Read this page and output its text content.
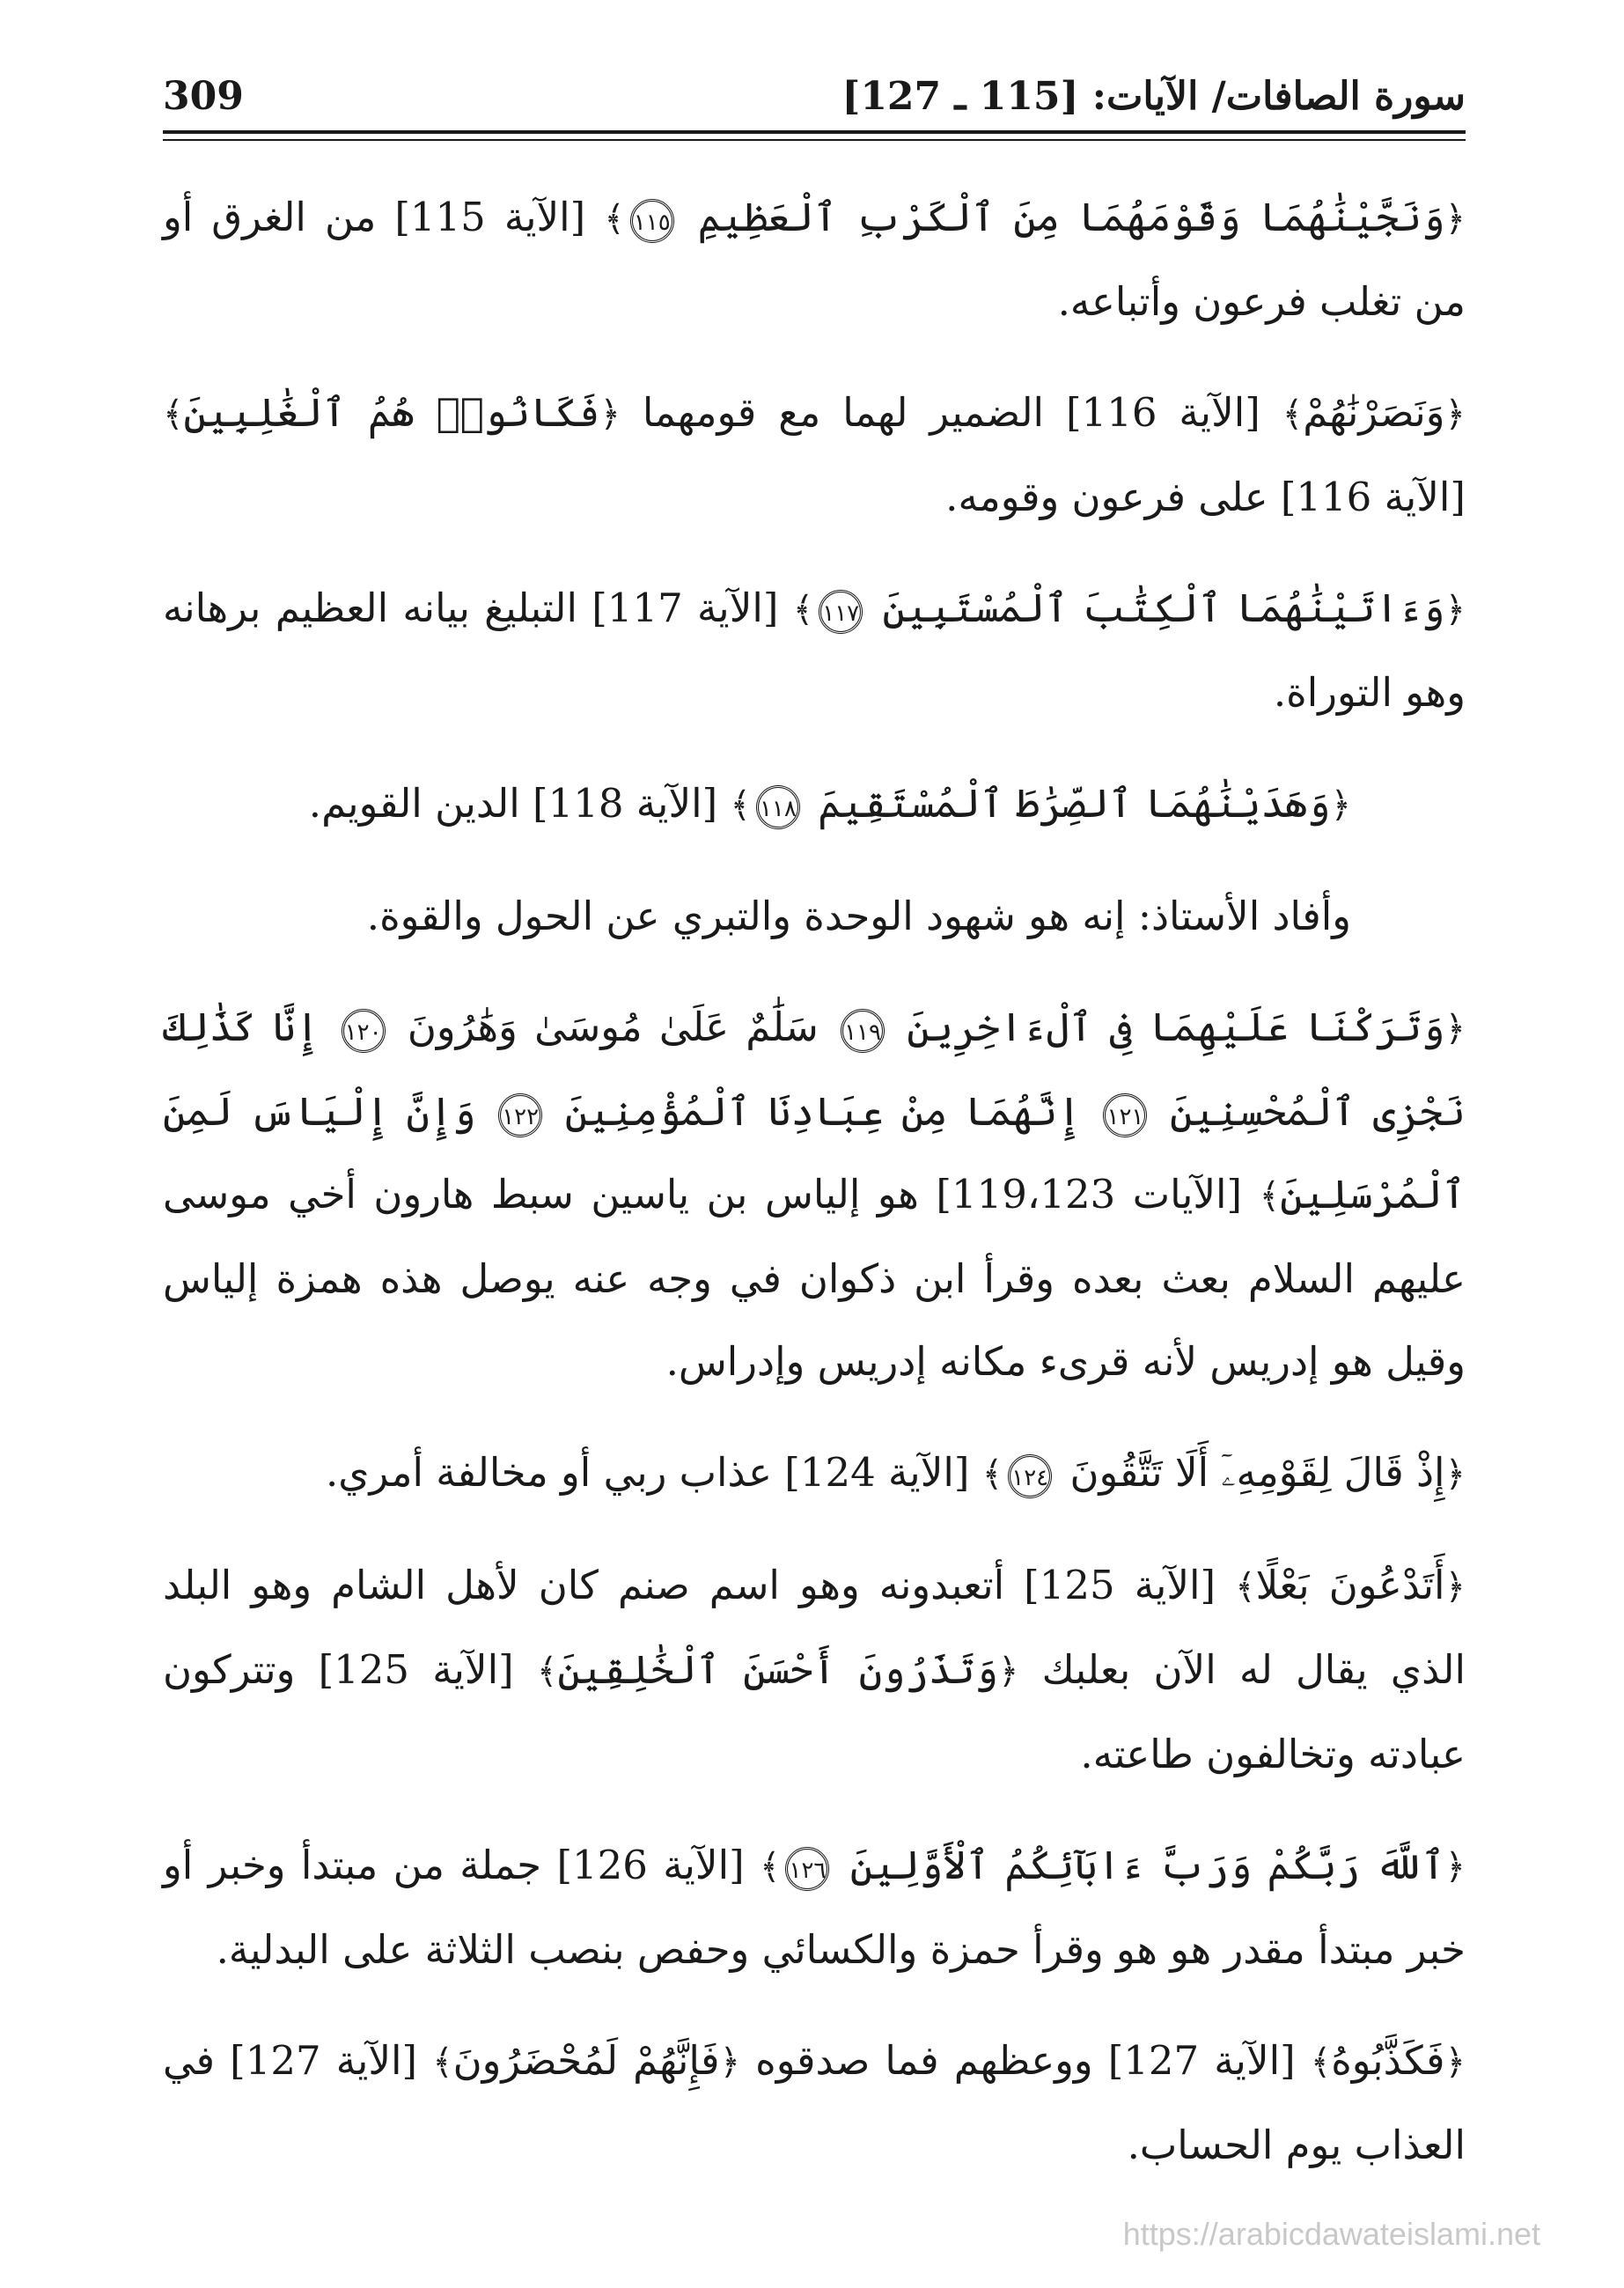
سورة الصافات/ الآيات: [115 ـ 127]
309

﴿وَنَجَّيْنَٰهُمَا وَقَوْمَهُمَا مِنَ ٱلْكَرْبِ ٱلْعَظِيمِ ١١٥﴾ [الآية 115] من الغرق أو من تغلب فرعون وأتباعه.

﴿وَنَصَرْنَٰهُمْ﴾ [الآية 116] الضمير لهما مع قومهما ﴿فَكَانُوا۟ هُمُ ٱلْغَٰلِبِينَ﴾ [الآية 116] على فرعون وقومه.

﴿وَءَاتَيْنَٰهُمَا ٱلْكِتَٰبَ ٱلْمُسْتَبِينَ ١١٧﴾ [الآية 117] التبليغ بيانه العظيم برهانه وهو التوراة.

﴿وَهَدَيْنَٰهُمَا ٱلصِّرَٰطَ ٱلْمُسْتَقِيمَ ١١٨﴾ [الآية 118] الدين القويم.

وأفاد الأستاذ: إنه هو شهود الوحدة والتبري عن الحول والقوة.

﴿وَتَرَكْنَا عَلَيْهِمَا فِى ٱلْءَاخِرِينَ ١١٩ سَلَٰمٌ عَلَىٰ مُوسَىٰ وَهَٰرُونَ ١٢٠ إِنَّا كَذَٰلِكَ نَجْزِى ٱلْمُحْسِنِينَ ١٢١ إِنَّهُمَا مِنْ عِبَادِنَا ٱلْمُؤْمِنِينَ ١٢٢ وَإِنَّ إِلْيَاسَ لَمِنَ ٱلْمُرْسَلِينَ﴾ [الآيات 119،123] هو إلياس بن ياسين سبط هارون أخي موسى عليهم السلام بعث بعده وقرأ ابن ذكوان في وجه عنه يوصل هذه همزة إلياس وقيل هو إدريس لأنه قرىء مكانه إدريس وإدراس.

﴿إِذْ قَالَ لِقَوْمِهِۦٓ أَلَا تَتَّقُونَ ١٢٤﴾ [الآية 124] عذاب ربي أو مخالفة أمري.

﴿أَتَدْعُونَ بَعْلًا﴾ [الآية 125] أتعبدونه وهو اسم صنم كان لأهل الشام وهو البلد الذي يقال له الآن بعلبك ﴿وَتَذَرُونَ أَحْسَنَ ٱلْخَٰلِقِينَ﴾ [الآية 125] وتتركون عبادته وتخالفون طاعته.

﴿ٱللَّهَ رَبَّكُمْ وَرَبَّ ءَابَآئِكُمُ ٱلْأَوَّلِينَ ١٢٦﴾ [الآية 126] جملة من مبتدأ وخبر أو خبر مبتدأ مقدر هو هو وقرأ حمزة والكسائي وحفص بنصب الثلاثة على البدلية.

﴿فَكَذَّبُوهُ﴾ [الآية 127] ووعظهم فما صدقوه ﴿فَإِنَّهُمْ لَمُحْضَرُونَ﴾ [الآية 127] في العذاب يوم الحساب.

https://arabicdawateislami.net
